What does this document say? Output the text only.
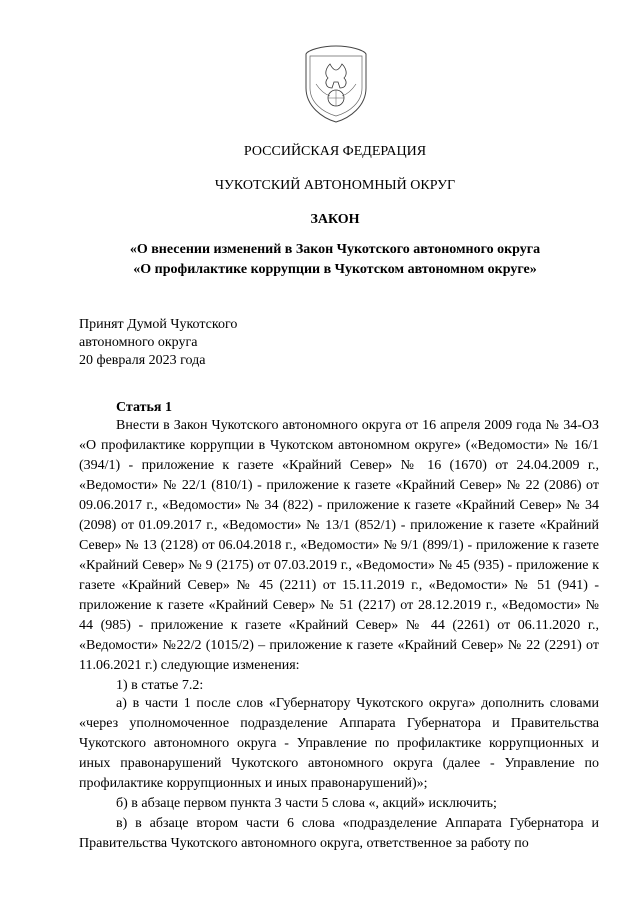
РОССИЙСКАЯ ФЕДЕРАЦИЯ
ЧУКОТСКИЙ АВТОНОМНЫЙ ОКРУГ
ЗАКОН
«О внесении изменений в Закон Чукотского автономного округа
«О профилактике коррупции в Чукотском автономном округе»
Принят Думой Чукотского
автономного округа
20 февраля 2023 года
Статья 1
Внести в Закон Чукотского автономного округа от 16 апреля 2009 года № 34-ОЗ «О профилактике коррупции в Чукотском автономном округе» («Ведомости» № 16/1 (394/1) - приложение к газете «Крайний Север» № 16 (1670) от 24.04.2009 г., «Ведомости» № 22/1 (810/1) - приложение к газете «Крайний Север» № 22 (2086) от 09.06.2017 г., «Ведомости» № 34 (822) - приложение к газете «Крайний Север» № 34 (2098) от 01.09.2017 г., «Ведомости» № 13/1 (852/1) - приложение к газете «Крайний Север» № 13 (2128) от 06.04.2018 г., «Ведомости» № 9/1 (899/1) - приложение к газете «Крайний Север» № 9 (2175) от 07.03.2019 г., «Ведомости» № 45 (935) - приложение к газете «Крайний Север» № 45 (2211) от 15.11.2019 г., «Ведомости» № 51 (941) - приложение к газете «Крайний Север» № 51 (2217) от 28.12.2019 г., «Ведомости» № 44 (985) - приложение к газете «Крайний Север» № 44 (2261) от 06.11.2020 г., «Ведомости» №22/2 (1015/2) – приложение к газете «Крайний Север» № 22 (2291) от 11.06.2021 г.) следующие изменения:
1) в статье 7.2:
а) в части 1 после слов «Губернатору Чукотского округа» дополнить словами «через уполномоченное подразделение Аппарата Губернатора и Правительства Чукотского автономного округа - Управление по профилактике коррупционных и иных правонарушений Чукотского автономного округа (далее - Управление по профилактике коррупционных и иных правонарушений)»;
б) в абзаце первом пункта 3 части 5 слова «, акций» исключить;
в) в абзаце втором части 6 слова «подразделение Аппарата Губернатора и Правительства Чукотского автономного округа, ответственное за работу по
